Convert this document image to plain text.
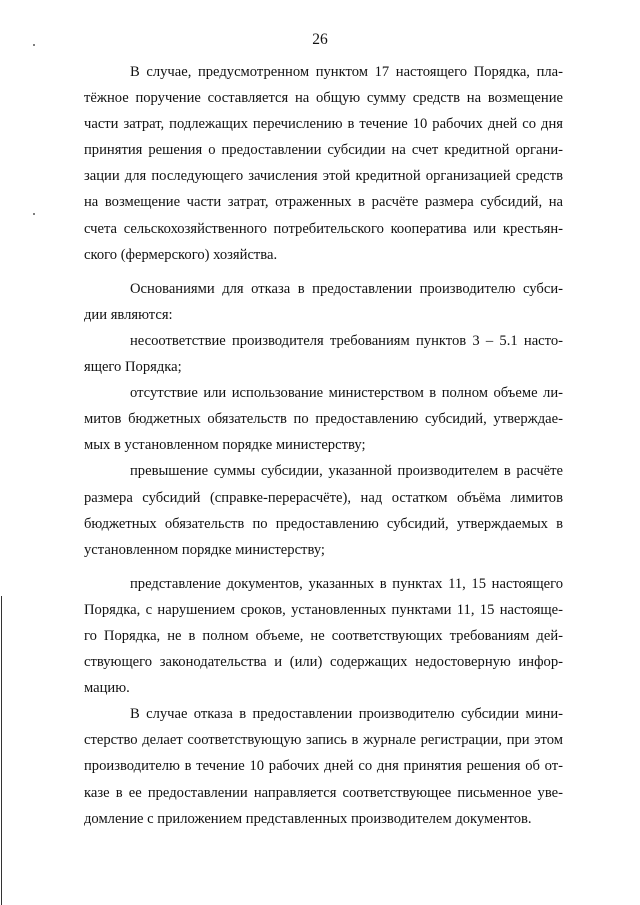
26
В случае, предусмотренном пунктом 17 настоящего Порядка, пла-
тёжное поручение составляется на общую сумму средств на возмещение
части затрат, подлежащих перечислению в течение 10 рабочих дней со дня
принятия решения о предоставлении субсидии на счет кредитной органи-
зации для последующего зачисления этой кредитной организацией средств
на возмещение части затрат, отраженных в расчёте размера субсидий, на
счета сельскохозяйственного потребительского кооператива или крестьян-
ского (фермерского) хозяйства.
Основаниями для отказа в предоставлении производителю субси-
дии являются:
несоответствие производителя требованиям пунктов 3 – 5.1 насто-
ящего Порядка;
отсутствие или использование министерством в полном объеме ли-
митов бюджетных обязательств по предоставлению субсидий, утверждае-
мых в установленном порядке министерству;
превышение суммы субсидии, указанной производителем в расчёте
размера субсидий (справке-перерасчёте), над остатком объёма лимитов
бюджетных обязательств по предоставлению субсидий, утверждаемых в
установленном порядке министерству;
представление документов, указанных в пунктах 11, 15 настоящего
Порядка, с нарушением сроков, установленных пунктами 11, 15 настояще-
го Порядка, не в полном объеме, не соответствующих требованиям дей-
ствующего законодательства и (или) содержащих недостоверную инфор-
мацию.
В случае отказа в предоставлении производителю субсидии мини-
стерство делает соответствующую запись в журнале регистрации, при этом
производителю в течение 10 рабочих дней со дня принятия решения об от-
казе в ее предоставлении направляется соответствующее письменное уве-
домление с приложением представленных производителем документов.
